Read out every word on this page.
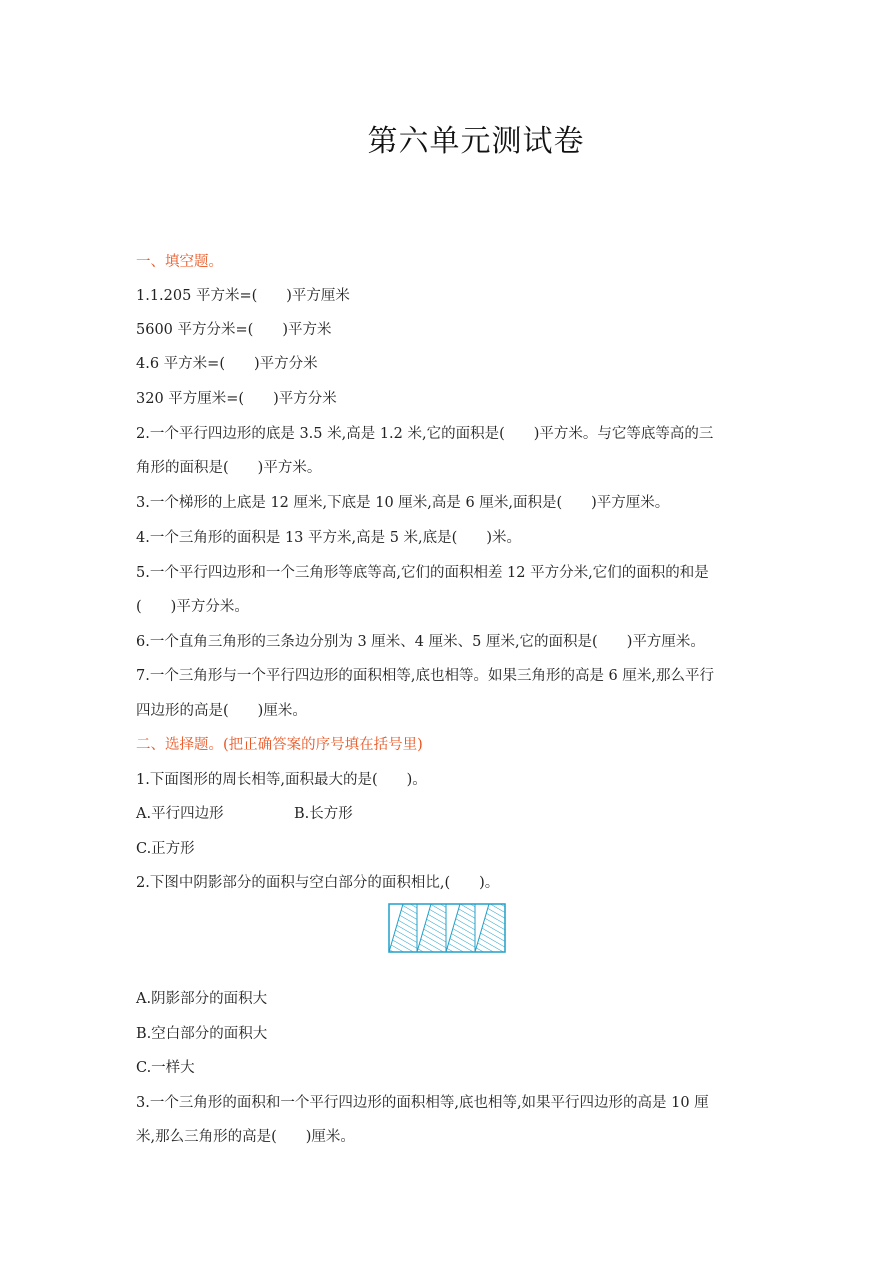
第六单元测试卷
一、填空题。
1.1.205 平方米=(　　)平方厘米
5600 平方分米=(　　)平方米
4.6 平方米=(　　)平方分米
320 平方厘米=(　　)平方分米
2.一个平行四边形的底是 3.5 米,高是 1.2 米,它的面积是(　　)平方米。与它等底等高的三
角形的面积是(　　)平方米。
3.一个梯形的上底是 12 厘米,下底是 10 厘米,高是 6 厘米,面积是(　　)平方厘米。
4.一个三角形的面积是 13 平方米,高是 5 米,底是(　　)米。
5.一个平行四边形和一个三角形等底等高,它们的面积相差 12 平方分米,它们的面积的和是
(　　)平方分米。
6.一个直角三角形的三条边分别为 3 厘米、4 厘米、5 厘米,它的面积是(　　)平方厘米。
7.一个三角形与一个平行四边形的面积相等,底也相等。如果三角形的高是 6 厘米,那么平行
四边形的高是(　　)厘米。
二、选择题。(把正确答案的序号填在括号里)
1.下面图形的周长相等,面积最大的是(　　)。
A.平行四边形	B.长方形
C.正方形
2.下图中阴影部分的面积与空白部分的面积相比,(　　)。
A.阴影部分的面积大
B.空白部分的面积大
C.一样大
3.一个三角形的面积和一个平行四边形的面积相等,底也相等,如果平行四边形的高是 10 厘
米,那么三角形的高是(　　)厘米。
